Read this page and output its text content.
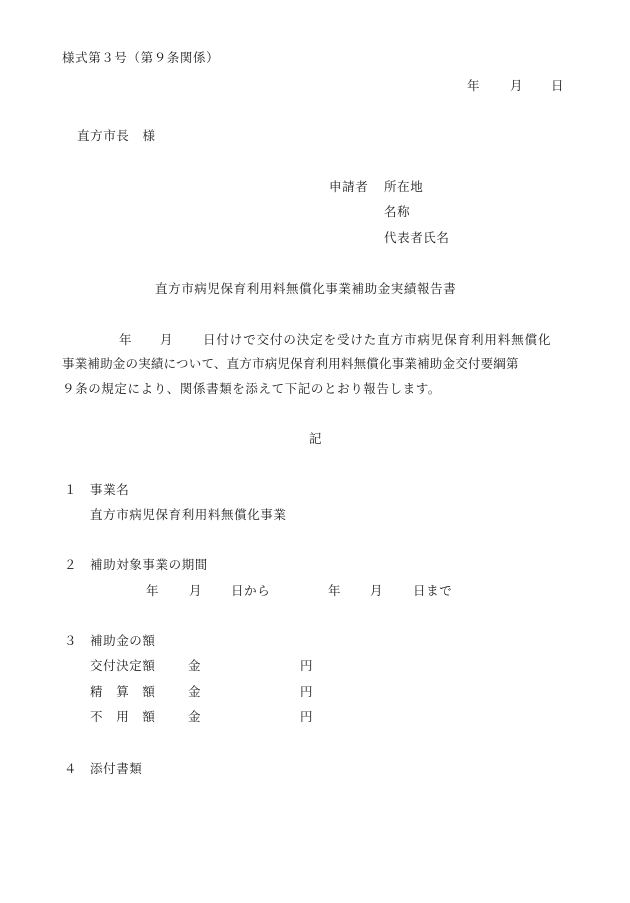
様式第３号（第９条関係）
年 月 日
直方市長　様
申請者 所在地
名称
代表者氏名
直方市病児保育利用料無償化事業補助金実績報告書
年 月 日付けで交付の決定を受けた直方市病児保育利用料無償化
事業補助金の実績について、直方市病児保育利用料無償化事業補助金交付要綱第
９条の規定により、関係書類を添えて下記のとおり報告します。
記
１ 事業名
直方市病児保育利用料無償化事業
２ 補助対象事業の期間
年 月 日から	年 月 日まで
３ 補助金の額
交付決定額	金	円
精　算　額	金	円
不　用　額	金	円
４ 添付書類
